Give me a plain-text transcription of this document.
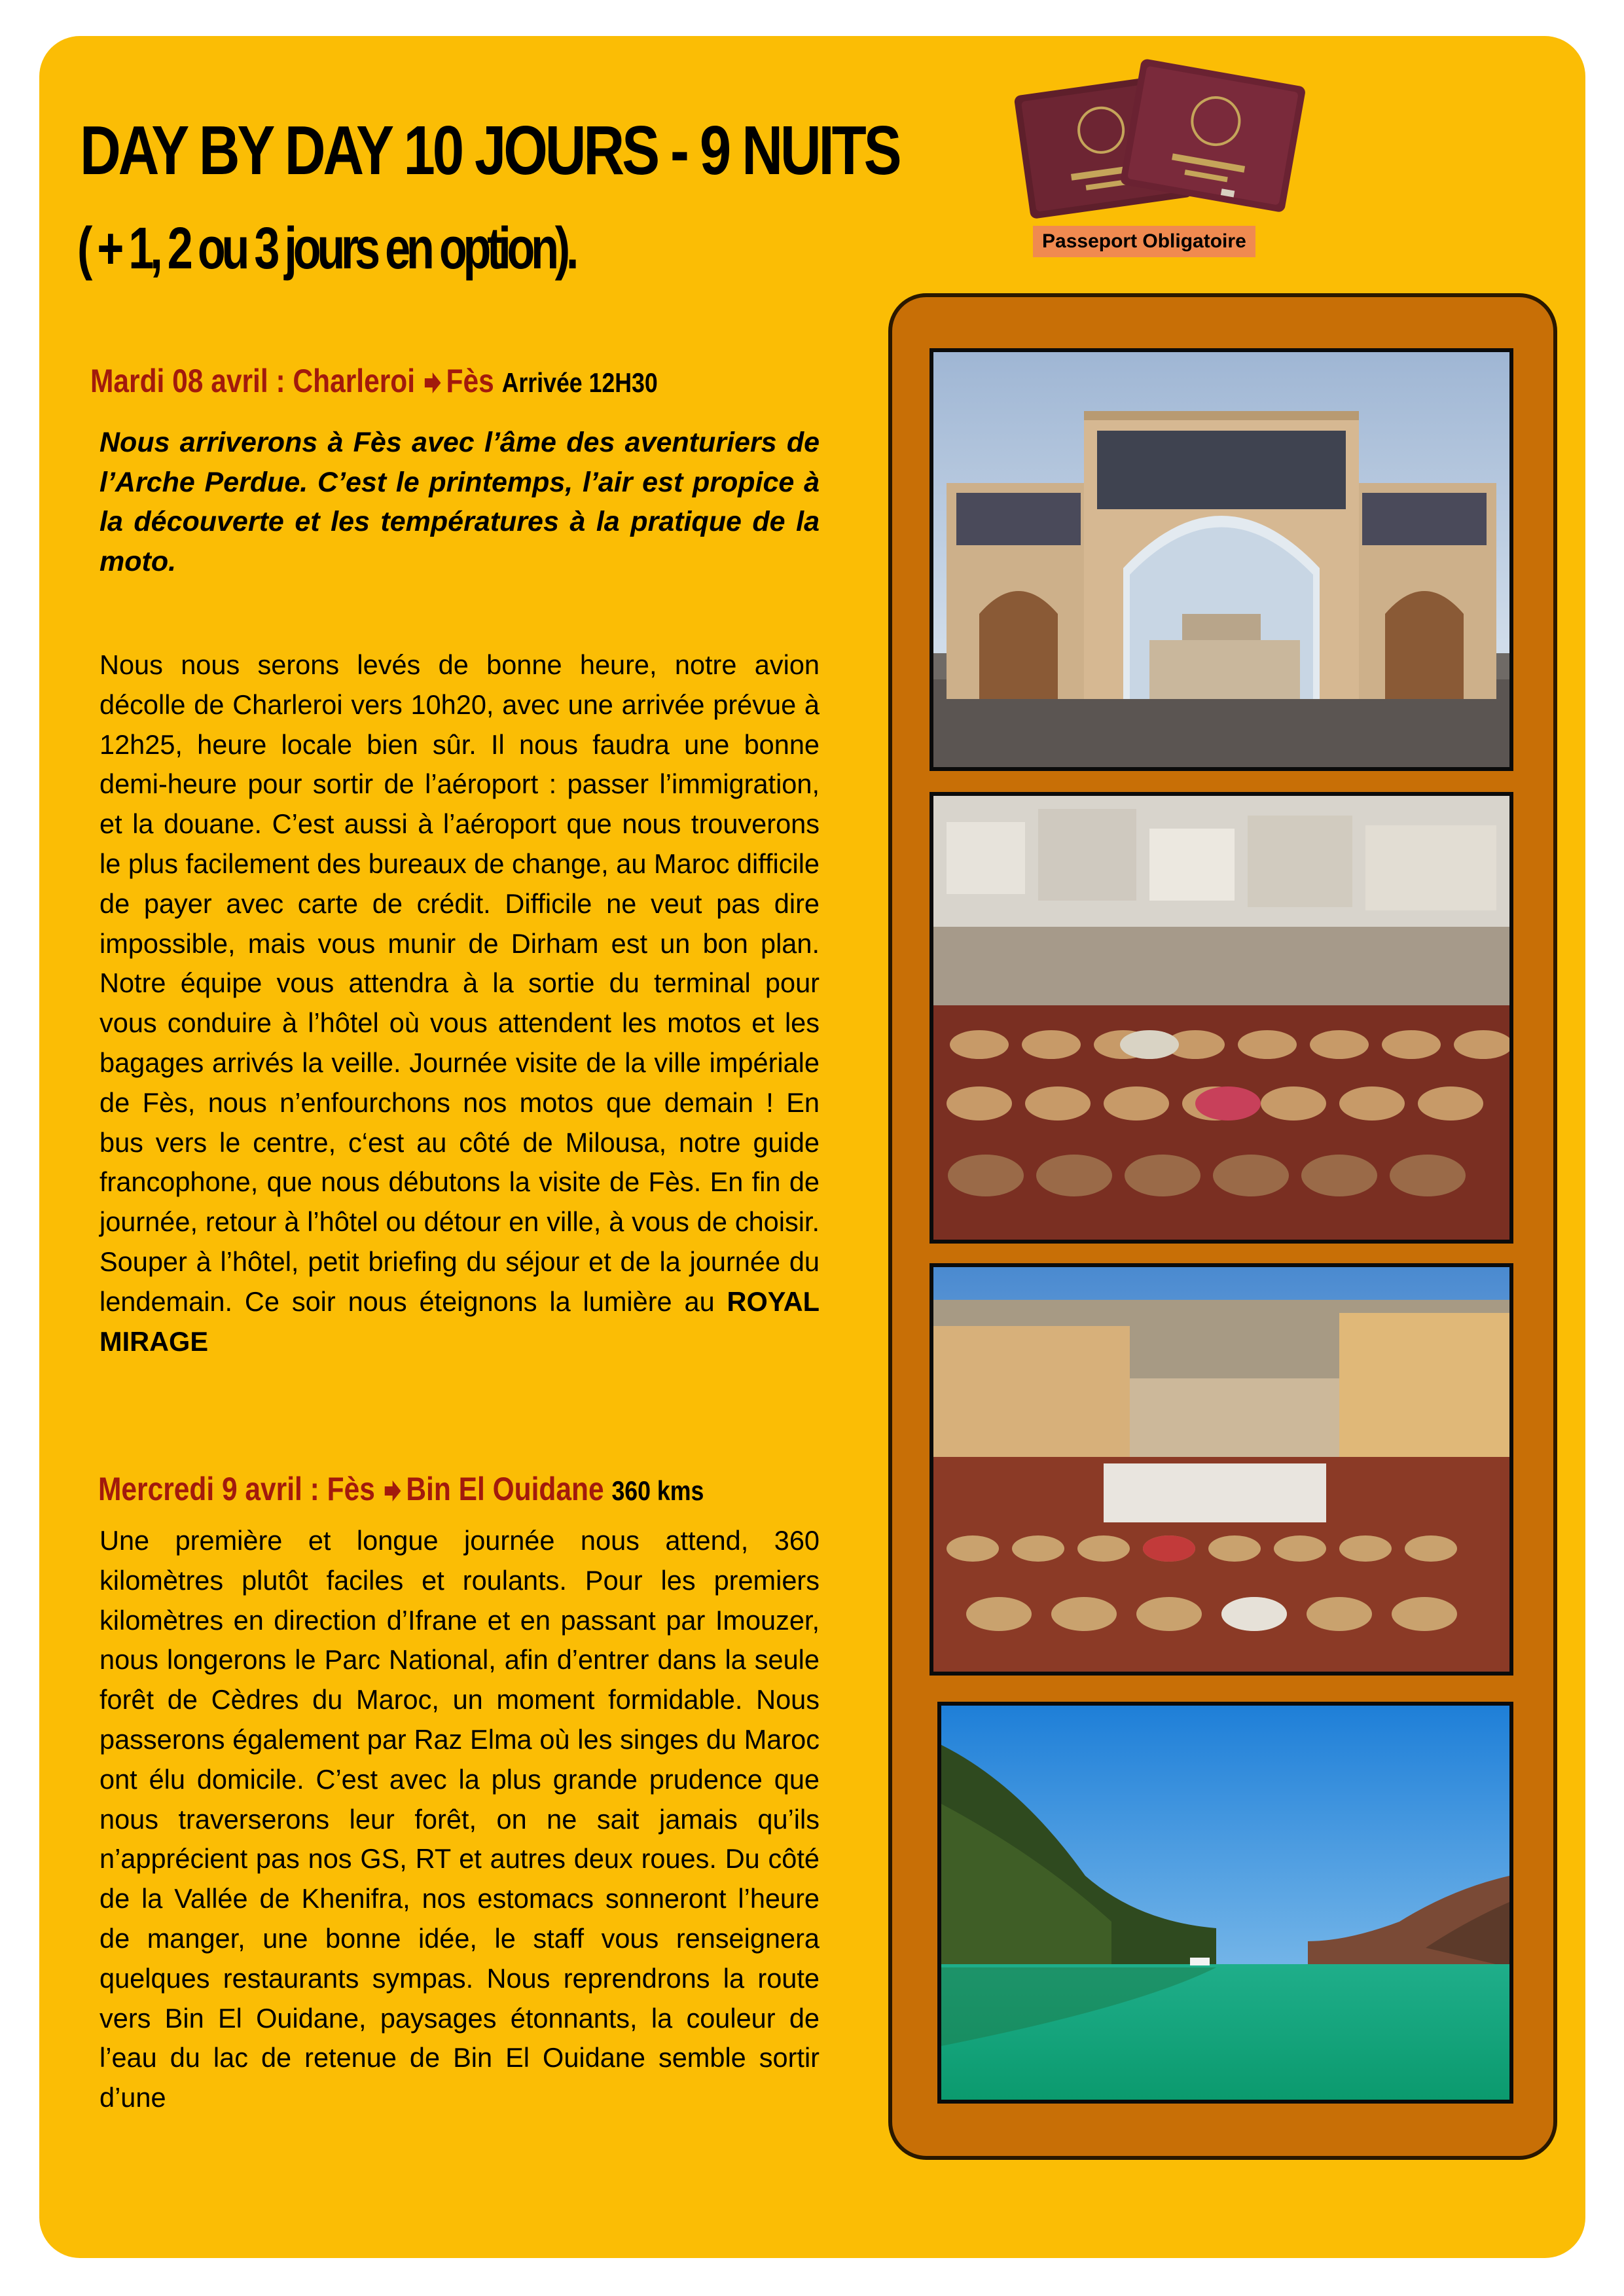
DAY BY DAY 10 JOURS - 9 NUITS
( + 1, 2 ou 3 jours en option).	Passeport Obligatoire
Mardi 08 avril : Charleroi Fès Arrivée 12H30

Nous arriverons à Fès avec l’âme des aventuriers de l’Arche Perdue. C’est le printemps, l’air est propice à la découverte et les températures à la pratique de la moto.

Nous nous serons levés de bonne heure, notre avion décolle de Charleroi vers 10h20, avec une arrivée prévue à 12h25, heure locale bien sûr. Il nous faudra une bonne demi-heure pour sortir de l’aéroport : passer l’immigration, et la douane. C’est aussi à l’aéroport que nous trouverons le plus facilement des bureaux de change, au Maroc difficile de payer avec carte de crédit. Difficile ne veut pas dire impossible, mais vous munir de Dirham est un bon plan. Notre équipe vous attendra à la sortie du terminal pour vous conduire à l’hôtel où vous attendent les motos et les bagages arrivés la veille. Journée visite de la ville impériale de Fès, nous n’enfourchons nos motos que demain ! En bus vers le centre, c‘est au côté de Milousa, notre guide francophone, que nous débutons la visite de Fès. En fin de journée, retour à l’hôtel ou détour en ville, à vous de choisir. Souper à l’hôtel, petit briefing du séjour et de la journée du lendemain. Ce soir nous éteignons la lumière au ROYAL MIRAGE

Mercredi 9 avril : Fès Bin El Ouidane 360 kms

Une première et longue journée nous attend, 360 kilomètres plutôt faciles et roulants. Pour les premiers kilomètres en direction d’Ifrane et en passant par Imouzer, nous longerons le Parc National, afin d’entrer dans la seule forêt de Cèdres du Maroc, un moment formidable. Nous passerons également par Raz Elma où les singes du Maroc ont élu domicile. C’est avec la plus grande prudence que nous traverserons leur forêt, on ne sait jamais qu’ils n’apprécient pas nos GS, RT et autres deux roues. Du côté de la Vallée de Khenifra, nos estomacs sonneront l’heure de manger, une bonne idée, le staff vous renseignera quelques restaurants sympas. Nous reprendrons la route vers Bin El Ouidane, paysages étonnants, la couleur de l’eau du lac de retenue de Bin El Ouidane semble sortir d’une
